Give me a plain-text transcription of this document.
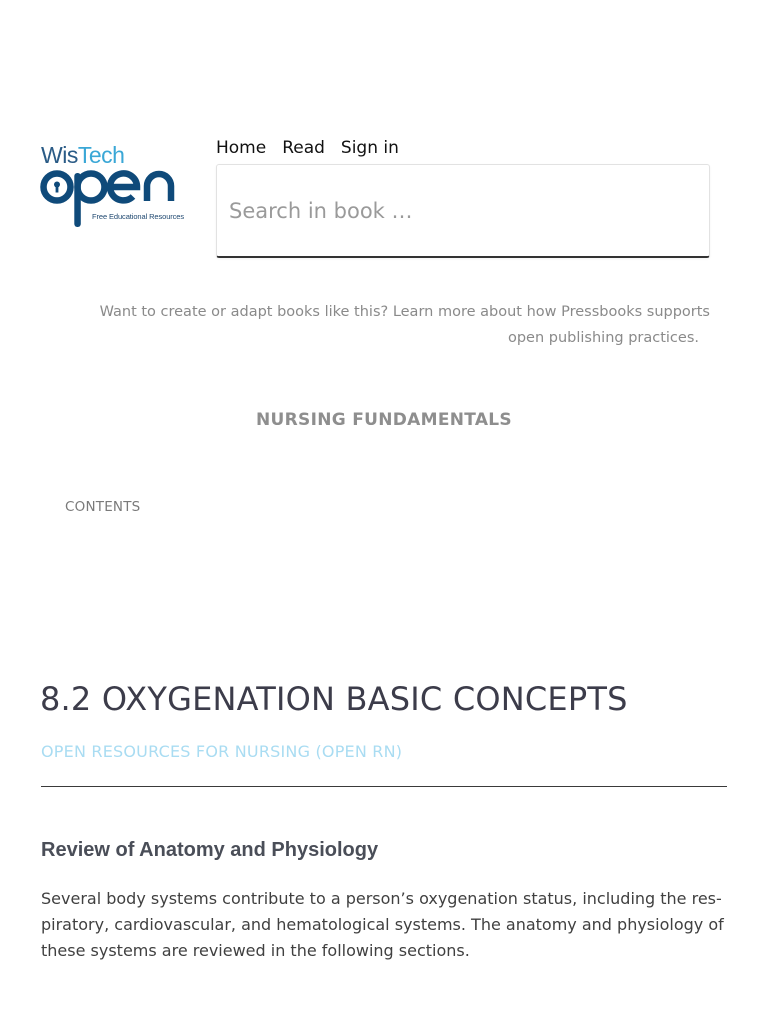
WisTech
Free Educational Resources
Home Read Sign in
Search in book …
Want to create or adapt books like this? Learn more about how Pressbooks supports
open publishing practices.
NURSING FUNDAMENTALS
CONTENTS
8.2 OXYGENATION BASIC CONCEPTS
OPEN RESOURCES FOR NURSING (OPEN RN)
Review of Anatomy and Physiology
Several body systems contribute to a person’s oxygenation status, including the res-
piratory, cardiovascular, and hematological systems. The anatomy and physiology of
these systems are reviewed in the following sections.
